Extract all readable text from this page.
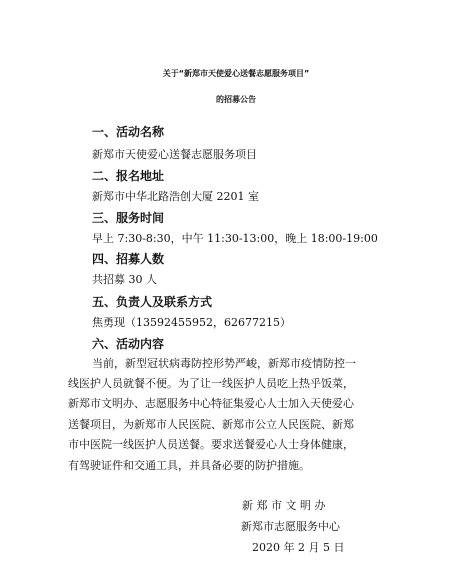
关于“新郑市天使爱心送餐志愿服务项目”
的招募公告
一、活动名称
新郑市天使爱心送餐志愿服务项目
二、报名地址
新郑市中华北路浩创大厦 2201 室
三、服务时间
早上 7:30-8:30，中午 11:30-13:00，晚上 18:00-19:00
四、招募人数
共招募 30 人
五、负责人及联系方式
焦勇现（13592455952，62677215）
六、活动内容
当前，新型冠状病毒防控形势严峻，新郑市疫情防控一
线医护人员就餐不便。为了让一线医护人员吃上热乎饭菜，
新郑市文明办、志愿服务中心特征集爱心人士加入天使爱心
送餐项目，为新郑市人民医院、新郑市公立人民医院、新郑
市中医院一线医护人员送餐。要求送餐爱心人士身体健康，
有驾驶证件和交通工具，并具备必要的防护措施。
新 郑 市 文 明 办
新郑市志愿服务中心
2020 年 2 月 5 日
